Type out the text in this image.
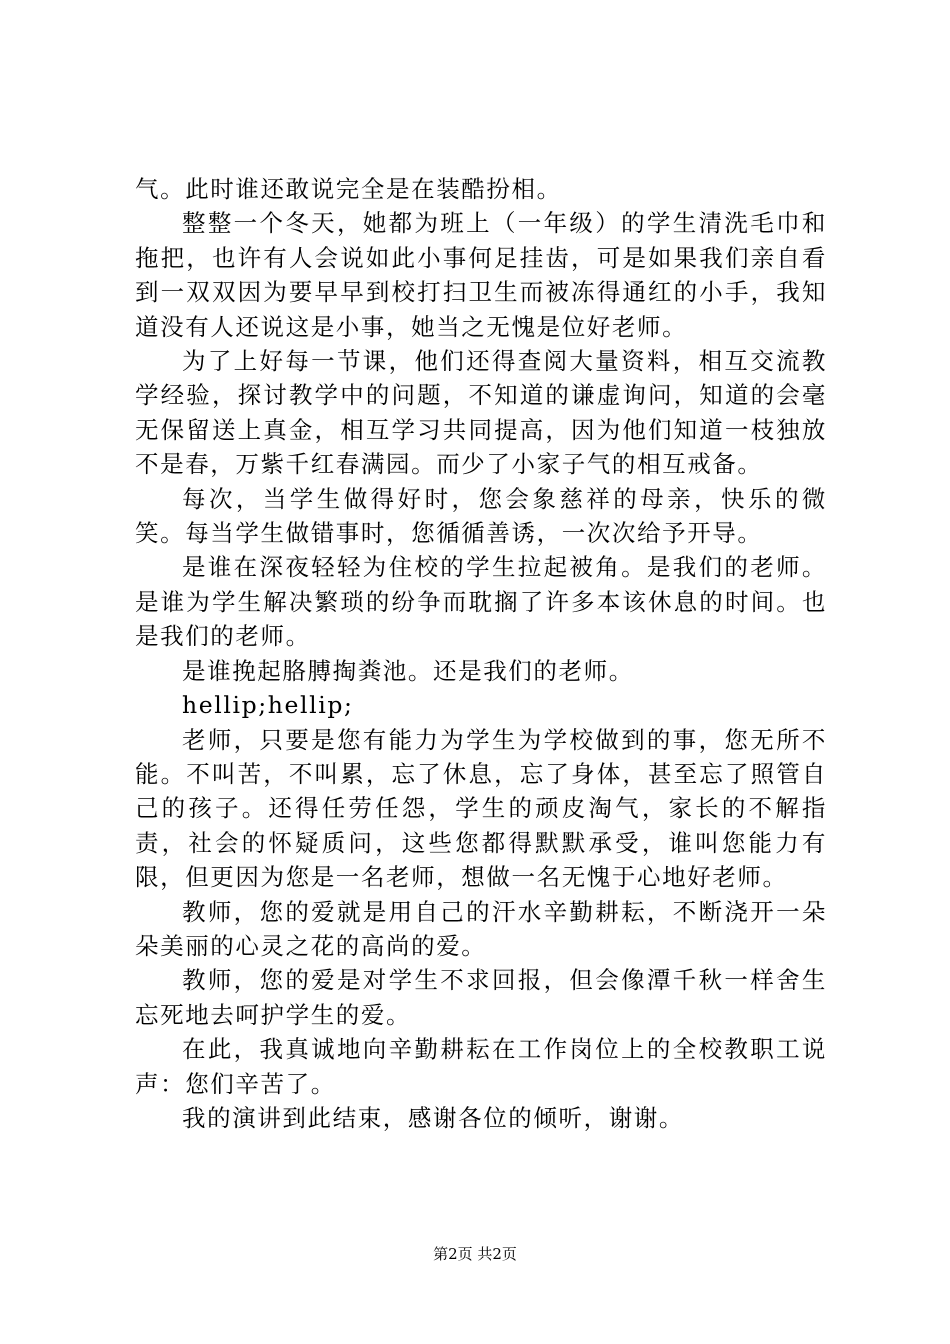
气。此时谁还敢说完全是在装酷扮相。

整整一个冬天，她都为班上（一年级）的学生清洗毛巾和拖把，也许有人会说如此小事何足挂齿，可是如果我们亲自看到一双双因为要早早到校打扫卫生而被冻得通红的小手，我知道没有人还说这是小事，她当之无愧是位好老师。

为了上好每一节课，他们还得查阅大量资料，相互交流教学经验，探讨教学中的问题，不知道的谦虚询问，知道的会毫无保留送上真金，相互学习共同提高，因为他们知道一枝独放不是春，万紫千红春满园。而少了小家子气的相互戒备。

每次，当学生做得好时，您会象慈祥的母亲，快乐的微笑。每当学生做错事时，您循循善诱，一次次给予开导。

是谁在深夜轻轻为住校的学生拉起被角。是我们的老师。是谁为学生解决繁琐的纷争而耽搁了许多本该休息的时间。也是我们的老师。

是谁挽起胳膊掏粪池。还是我们的老师。

hellip;hellip;

老师，只要是您有能力为学生为学校做到的事，您无所不能。不叫苦，不叫累，忘了休息，忘了身体，甚至忘了照管自己的孩子。还得任劳任怨，学生的顽皮淘气，家长的不解指责，社会的怀疑质问，这些您都得默默承受，谁叫您能力有限，但更因为您是一名老师，想做一名无愧于心地好老师。

教师，您的爱就是用自己的汗水辛勤耕耘，不断浇开一朵朵美丽的心灵之花的高尚的爱。

教师，您的爱是对学生不求回报，但会像潭千秋一样舍生忘死地去呵护学生的爱。

在此，我真诚地向辛勤耕耘在工作岗位上的全校教职工说声：您们辛苦了。

我的演讲到此结束，感谢各位的倾听，谢谢。

第2页 共2页
